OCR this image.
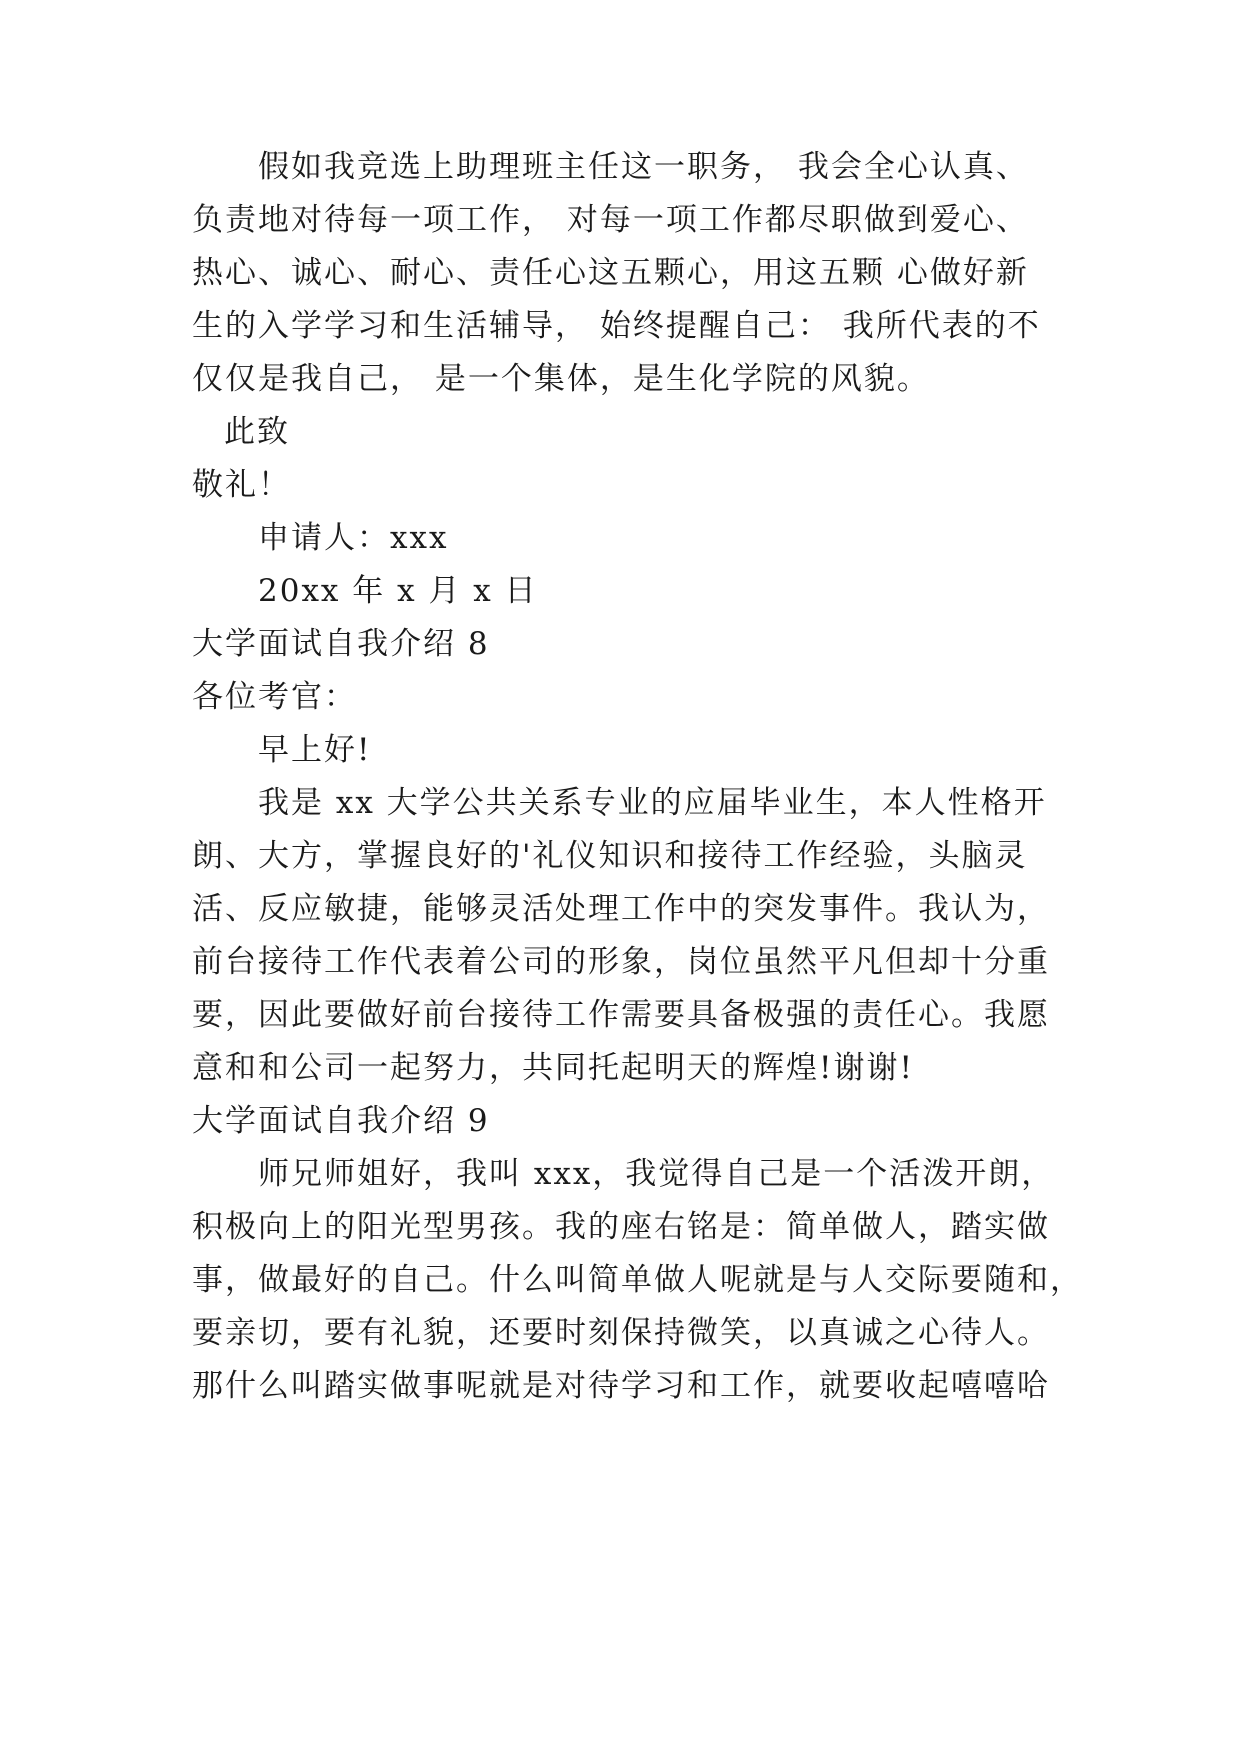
假如我竞选上助理班主任这一职务， 我会全心认真、
负责地对待每一项工作， 对每一项工作都尽职做到爱心、
热心、诚心、耐心、责任心这五颗心，用这五颗 心做好新
生的入学学习和生活辅导， 始终提醒自己： 我所代表的不
仅仅是我自己， 是一个集体，是生化学院的风貌。
此致
敬礼！
申请人：xxx
20xx 年 x 月 x 日
大学面试自我介绍 8
各位考官：
早上好!
我是 xx 大学公共关系专业的应届毕业生，本人性格开
朗、大方，掌握良好的'礼仪知识和接待工作经验，头脑灵
活、反应敏捷，能够灵活处理工作中的突发事件。我认为，
前台接待工作代表着公司的形象，岗位虽然平凡但却十分重
要，因此要做好前台接待工作需要具备极强的责任心。我愿
意和和公司一起努力，共同托起明天的辉煌!谢谢!
大学面试自我介绍 9
师兄师姐好，我叫 xxx，我觉得自己是一个活泼开朗，
积极向上的阳光型男孩。我的座右铭是：简单做人，踏实做
事，做最好的自己。什么叫简单做人呢就是与人交际要随和，
要亲切，要有礼貌，还要时刻保持微笑，以真诚之心待人。
那什么叫踏实做事呢就是对待学习和工作，就要收起嘻嘻哈
